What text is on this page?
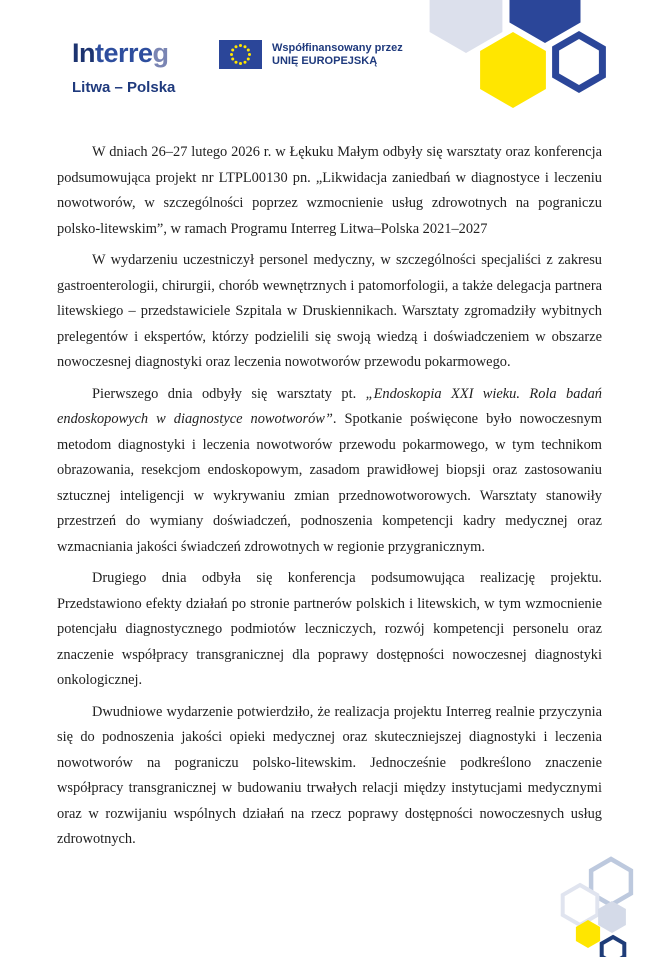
Interreg
Litwa – Polska
Współfinansowany przez
UNIĘ EUROPEJSKĄ

W dniach 26–27 lutego 2026 r. w Łękuku Małym odbyły się warsztaty oraz konferencja podsumowująca projekt nr LTPL00130 pn. „Likwidacja zaniedbań w diagnostyce i leczeniu nowotworów, w szczególności poprzez wzmocnienie usług zdrowotnych na pograniczu polsko-litewskim”, w ramach Programu Interreg Litwa–Polska 2021–2027

W wydarzeniu uczestniczył personel medyczny, w szczególności specjaliści z zakresu gastroenterologii, chirurgii, chorób wewnętrznych i patomorfologii, a także delegacja partnera litewskiego – przedstawiciele Szpitala w Druskiennikach. Warsztaty zgromadziły wybitnych prelegentów i ekspertów, którzy podzielili się swoją wiedzą i doświadczeniem w obszarze nowoczesnej diagnostyki oraz leczenia nowotworów przewodu pokarmowego.

Pierwszego dnia odbyły się warsztaty pt. „Endoskopia XXI wieku. Rola badań endoskopowych w diagnostyce nowotworów”. Spotkanie poświęcone było nowoczesnym metodom diagnostyki i leczenia nowotworów przewodu pokarmowego, w tym technikom obrazowania, resekcjom endoskopowym, zasadom prawidłowej biopsji oraz zastosowaniu sztucznej inteligencji w wykrywaniu zmian przednowotworowych. Warsztaty stanowiły przestrzeń do wymiany doświadczeń, podnoszenia kompetencji kadry medycznej oraz wzmacniania jakości świadczeń zdrowotnych w regionie przygranicznym.

Drugiego dnia odbyła się konferencja podsumowująca realizację projektu. Przedstawiono efekty działań po stronie partnerów polskich i litewskich, w tym wzmocnienie potencjału diagnostycznego podmiotów leczniczych, rozwój kompetencji personelu oraz znaczenie współpracy transgranicznej dla poprawy dostępności nowoczesnej diagnostyki onkologicznej.

Dwudniowe wydarzenie potwierdziło, że realizacja projektu Interreg realnie przyczynia się do podnoszenia jakości opieki medycznej oraz skuteczniejszej diagnostyki i leczenia nowotworów na pograniczu polsko-litewskim. Jednocześnie podkreślono znaczenie współpracy transgranicznej w budowaniu trwałych relacji między instytucjami medycznymi oraz w rozwijaniu wspólnych działań na rzecz poprawy dostępności nowoczesnych usług zdrowotnych.
